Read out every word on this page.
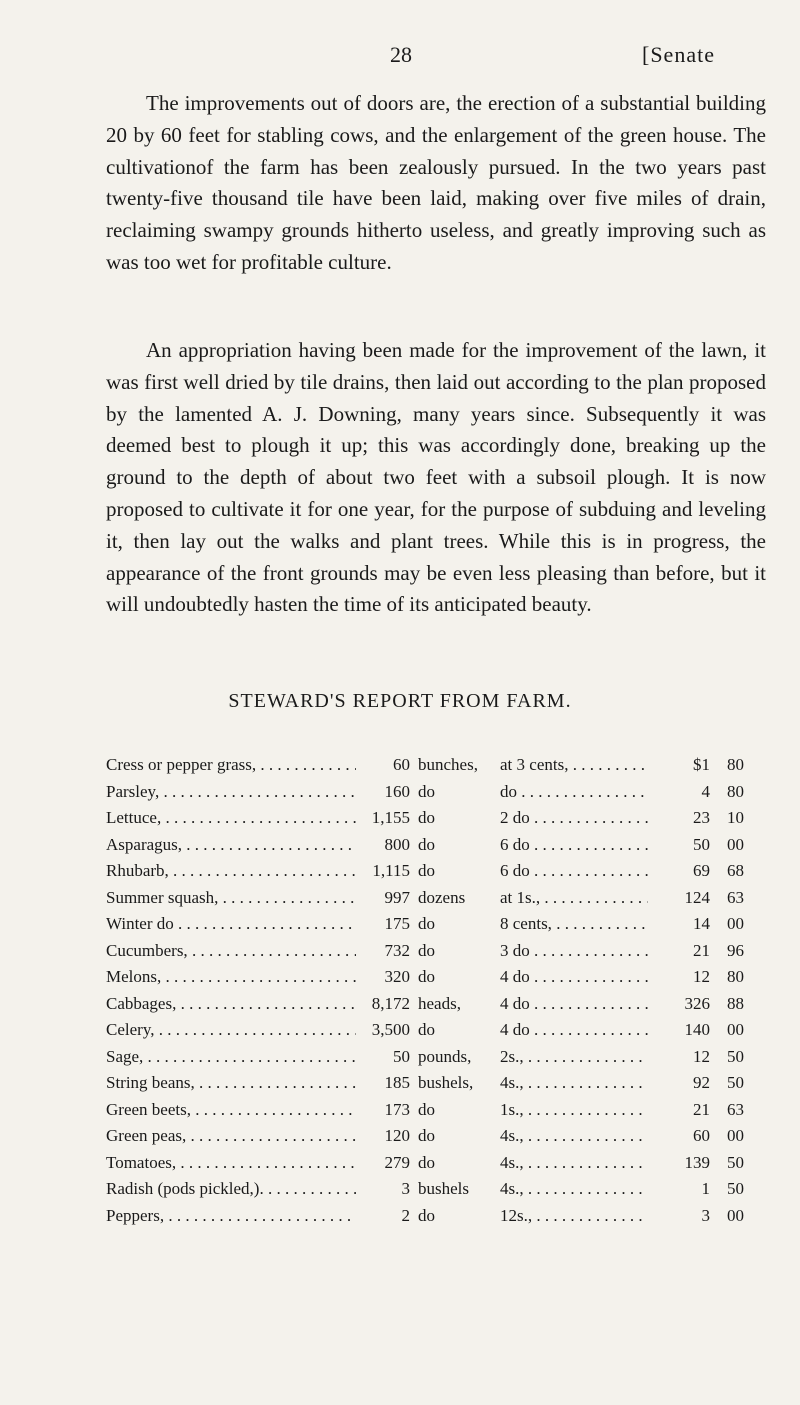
28	[Senate

The improvements out of doors are, the erection of a substantial building 20 by 60 feet for stabling cows, and the enlargement of the green house. The cultivationof the farm has been zealously pursued. In the two years past twenty-five thousand tile have been laid, making over five miles of drain, reclaiming swampy grounds hitherto useless, and greatly improving such as was too wet for profitable culture.

An appropriation having been made for the improvement of the lawn, it was first well dried by tile drains, then laid out according to the plan proposed by the lamented A. J. Downing, many years since. Subsequently it was deemed best to plough it up; this was accordingly done, breaking up the ground to the depth of about two feet with a subsoil plough. It is now proposed to cultivate it for one year, for the purpose of subduing and leveling it, then lay out the walks and plant trees. While this is in progress, the appearance of the front grounds may be even less pleasing than before, but it will undoubtedly hasten the time of its anticipated beauty.

STEWARD'S REPORT FROM FARM.
Cress or pepper grass, . . .	60 bunches,	at 3 cents, . . .	$1	80
Parsley, . . .	160 do	do . . .	4	80
Lettuce, . . .	1,155 do	2 do . . .	23	10
Asparagus, . . .	800 do	6 do . . .	50	00
Rhubarb, . . .	1,115 do	6 do . . .	69	68
Summer squash, . . .	997 dozens	at 1s., . . .	124	63
Winter do . . .	175 do	8 cents, . . .	14	00
Cucumbers, . . .	732 do	3 do . . .	21	96
Melons, . . .	320 do	4 do . . .	12	80
Cabbages, . . .	8,172 heads,	4 do . . .	326	88
Celery, . . .	3,500 do	4 do . . .	140	00
Sage, . . .	50 pounds,	2s., . . .	12	50
String beans, . . .	185 bushels,	4s., . . .	92	50
Green beets, . . .	173 do	1s., . . .	21	63
Green peas, . . .	120 do	4s., . . .	60	00
Tomatoes, . . .	279 do	4s., . . .	139	50
Radish (pods pickled,). . . .	3 bushels	4s., . . .	1	50
Peppers, . . .	2 do	12s., . . .	3	00
